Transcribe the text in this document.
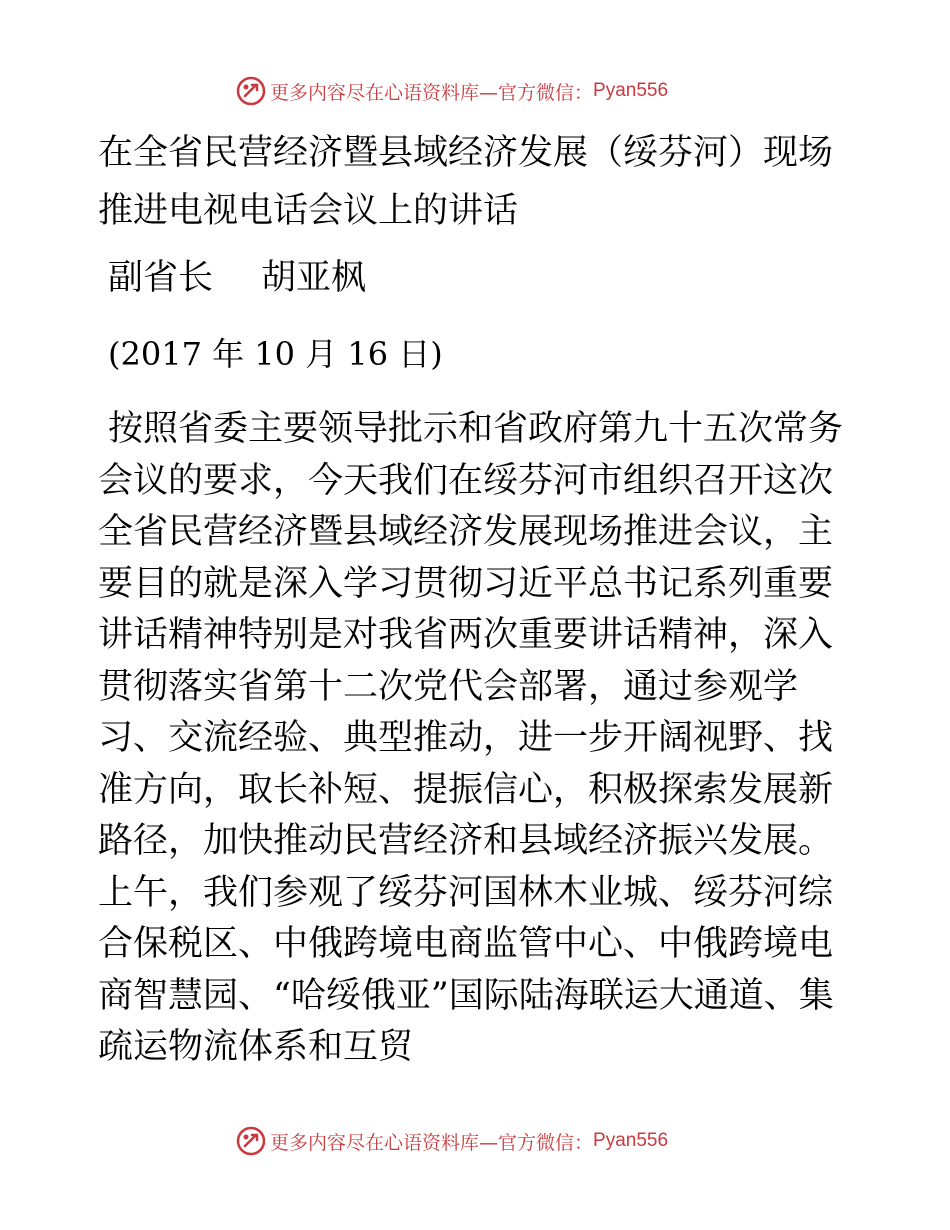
更多内容尽在心语资料库 —官方微信： Pyan556
在全省民营经济暨县域经济发展（绥芬河）现场推进电视电话会议上的讲话
副省长 胡亚枫
(2017 年 10 月 16 日)

按照省委主要领导批示和省政府第九十五次常务会议的要求，今天我们在绥芬河市组织召开这次全省民营经济暨县域经济发展现场推进会议，主要目的就是深入学习贯彻习近平总书记系列重要讲话精神特别是对我省两次重要讲话精神，深入贯彻落实省第十二次党代会部署，通过参观学习、交流经验、典型推动，进一步开阔视野、找准方向，取长补短、提振信心，积极探索发展新路径，加快推动民营经济和县域经济振兴发展。上午，我们参观了绥芬河国林木业城、绥芬河综合保税区、中俄跨境电商监管中心、中俄跨境电商智慧园、“哈绥俄亚”国际陆海联运大通道、集疏运物流体系和互贸

更多内容尽在心语资料库 —官方微信： Pyan556
